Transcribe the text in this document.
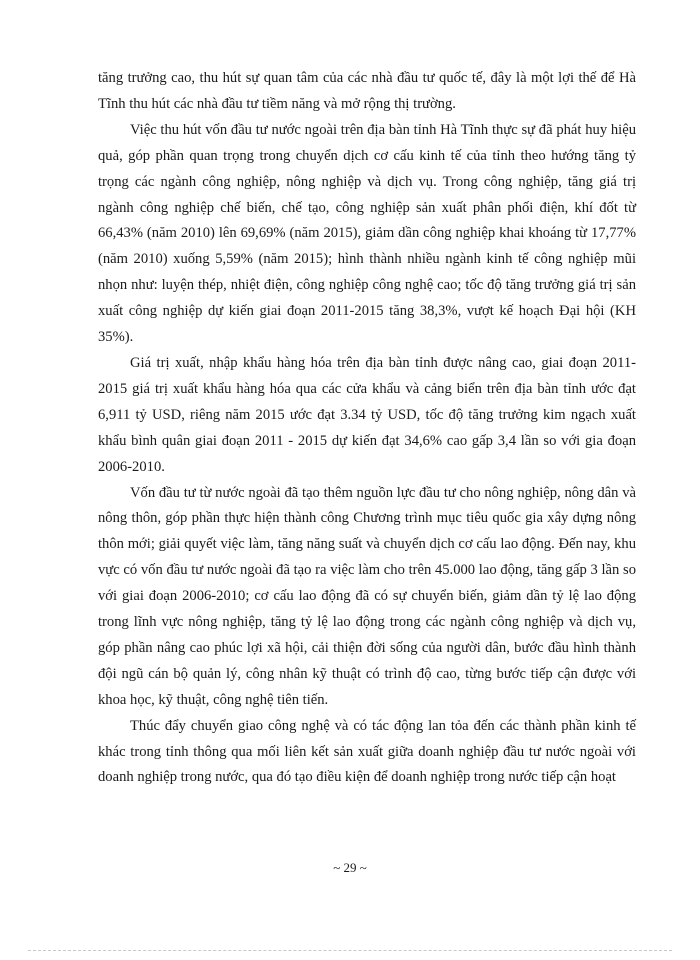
tăng trưởng cao, thu hút sự quan tâm của các nhà đầu tư quốc tế, đây là một lợi thế để Hà Tĩnh thu hút các nhà đầu tư tiềm năng và mở rộng thị trường.

Việc thu hút vốn đầu tư nước ngoài trên địa bàn tỉnh Hà Tĩnh thực sự đã phát huy hiệu quả, góp phần quan trọng trong chuyển dịch cơ cấu kinh tế của tỉnh theo hướng tăng tỷ trọng các ngành công nghiệp, nông nghiệp và dịch vụ. Trong công nghiệp, tăng giá trị ngành công nghiệp chế biến, chế tạo, công nghiệp sản xuất phân phối điện, khí đốt từ 66,43% (năm 2010) lên 69,69% (năm 2015), giảm dần công nghiệp khai khoáng từ 17,77% (năm 2010) xuống 5,59% (năm 2015); hình thành nhiều ngành kinh tế công nghiệp mũi nhọn như: luyện thép, nhiệt điện, công nghiệp công nghệ cao; tốc độ tăng trưởng giá trị sản xuất công nghiệp dự kiến giai đoạn 2011-2015 tăng 38,3%, vượt kế hoạch Đại hội (KH 35%).

Giá trị xuất, nhập khẩu hàng hóa trên địa bàn tỉnh được nâng cao, giai đoạn 2011-2015 giá trị xuất khẩu hàng hóa qua các cửa khẩu và cảng biển trên địa bàn tỉnh ước đạt 6,911 tỷ USD, riêng năm 2015 ước đạt 3.34 tỷ USD, tốc độ tăng trưởng kim ngạch xuất khẩu bình quân giai đoạn 2011 - 2015 dự kiến đạt 34,6% cao gấp 3,4 lần so với gia đoạn 2006-2010.

Vốn đầu tư từ nước ngoài đã tạo thêm nguồn lực đầu tư cho nông nghiệp, nông dân và nông thôn, góp phần thực hiện thành công Chương trình mục tiêu quốc gia xây dựng nông thôn mới; giải quyết việc làm, tăng năng suất và chuyển dịch cơ cấu lao động. Đến nay, khu vực có vốn đầu tư nước ngoài đã tạo ra việc làm cho trên 45.000 lao động, tăng gấp 3 lần so với giai đoạn 2006-2010; cơ cấu lao động đã có sự chuyển biến, giảm dần tỷ lệ lao động trong lĩnh vực nông nghiệp, tăng tỷ lệ lao động trong các ngành công nghiệp và dịch vụ, góp phần nâng cao phúc lợi xã hội, cải thiện đời sống của người dân, bước đầu hình thành đội ngũ cán bộ quản lý, công nhân kỹ thuật có trình độ cao, từng bước tiếp cận được với khoa học, kỹ thuật, công nghệ tiên tiến.

Thúc đẩy chuyển giao công nghệ và có tác động lan tỏa đến các thành phần kinh tế khác trong tỉnh thông qua mối liên kết sản xuất giữa doanh nghiệp đầu tư nước ngoài với doanh nghiệp trong nước, qua đó tạo điều kiện để doanh nghiệp trong nước tiếp cận hoạt

~ 29 ~
